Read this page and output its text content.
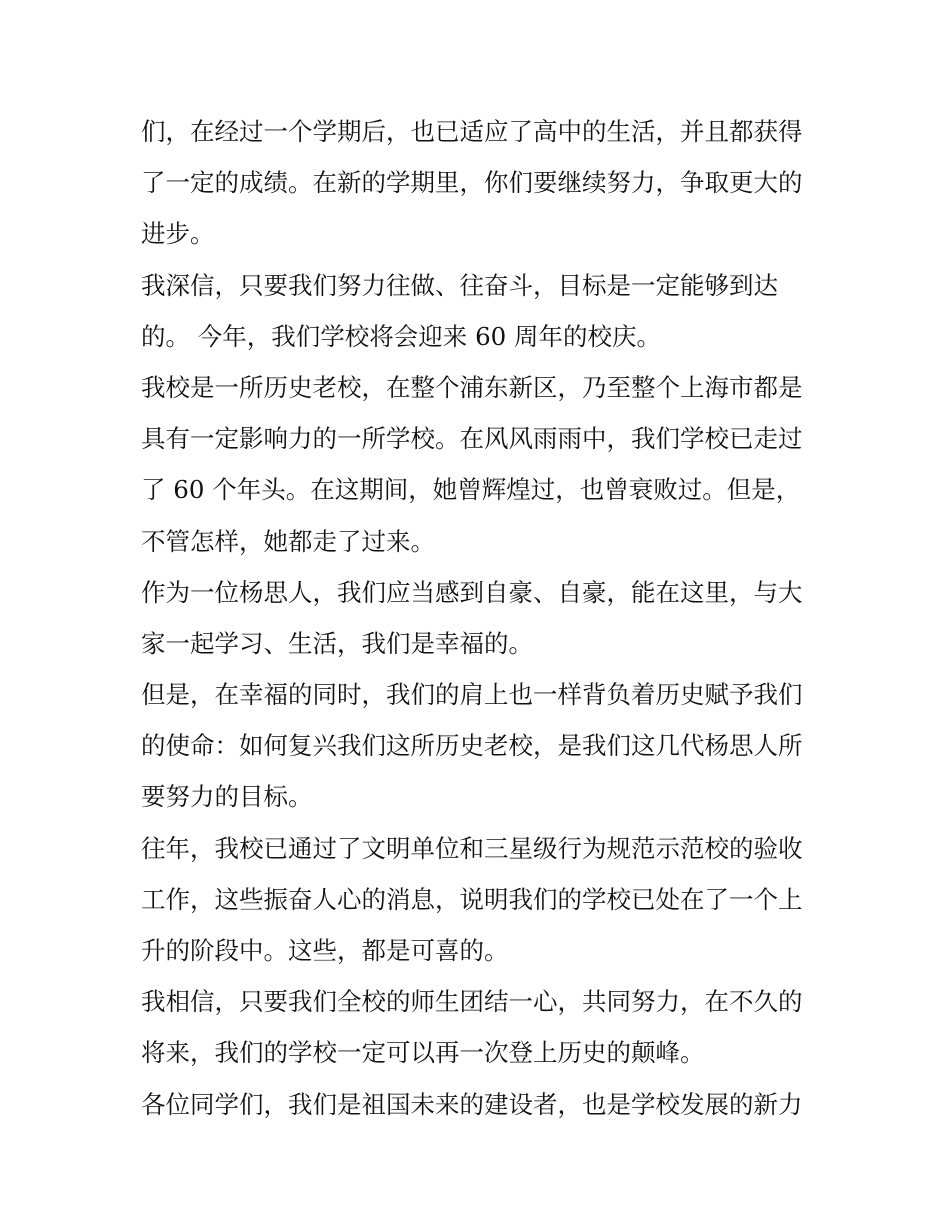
们，在经过一个学期后，也已适应了高中的生活，并且都获得

了一定的成绩。在新的学期里，你们要继续努力，争取更大的

进步。

我深信，只要我们努力往做、往奋斗，目标是一定能够到达

的。 今年，我们学校将会迎来 60 周年的校庆。

我校是一所历史老校，在整个浦东新区，乃至整个上海市都是

具有一定影响力的一所学校。在风风雨雨中，我们学校已走过

了 60 个年头。在这期间，她曾辉煌过，也曾衰败过。但是，

不管怎样，她都走了过来。

作为一位杨思人，我们应当感到自豪、自豪，能在这里，与大

家一起学习、生活，我们是幸福的。

但是，在幸福的同时，我们的肩上也一样背负着历史赋予我们

的使命：如何复兴我们这所历史老校，是我们这几代杨思人所

要努力的目标。

往年，我校已通过了文明单位和三星级行为规范示范校的验收

工作，这些振奋人心的消息，说明我们的学校已处在了一个上

升的阶段中。这些，都是可喜的。

我相信，只要我们全校的师生团结一心，共同努力，在不久的

将来，我们的学校一定可以再一次登上历史的颠峰。

各位同学们，我们是祖国未来的建设者，也是学校发展的新力
